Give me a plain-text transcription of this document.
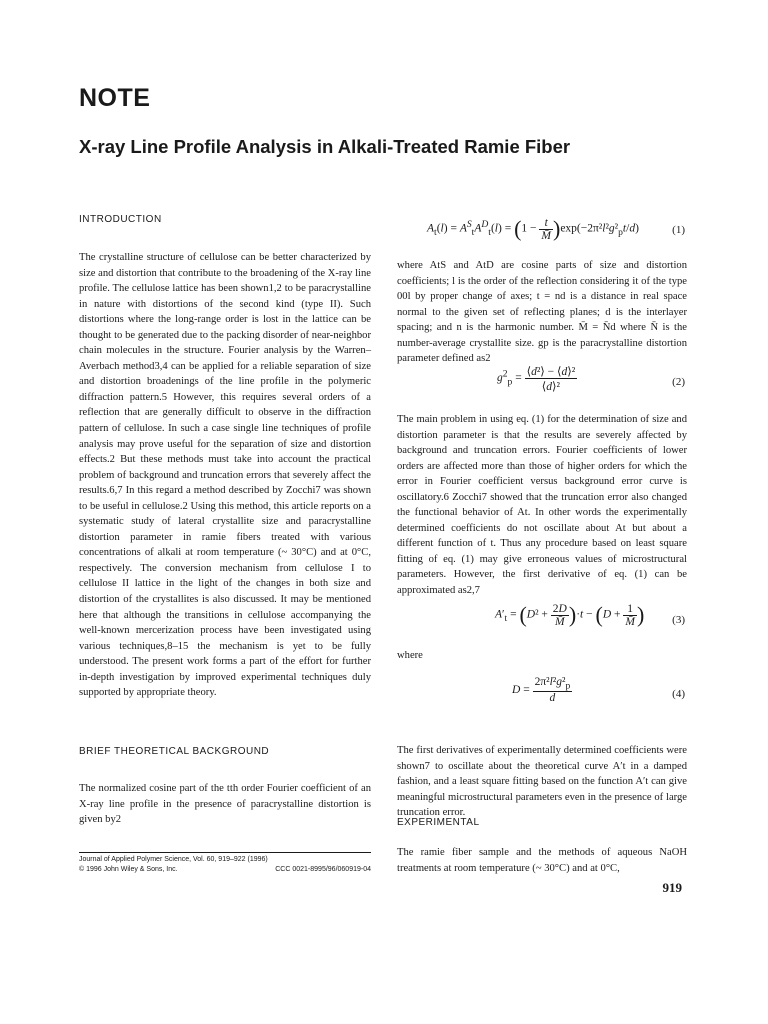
NOTE
X-ray Line Profile Analysis in Alkali-Treated Ramie Fiber
INTRODUCTION

The crystalline structure of cellulose can be better characterized by size and distortion that contribute to the broadening of the X-ray line profile. The cellulose lattice has been shown1,2 to be paracrystalline in nature with distortions of the second kind (type II). Such distortions where the long-range order is lost in the lattice can be thought to be generated due to the packing disorder of near-neighbor chain molecules in the structure. Fourier analysis by the Warren–Averbach method3,4 can be applied for a reliable separation of size and distortion broadenings of the line profile in the polymeric diffraction pattern.5 However, this requires several orders of a reflection that are generally difficult to observe in the diffraction pattern of cellulose. In such a case single line techniques of profile analysis may prove useful for the separation of size and distortion effects.2 But these methods must take into account the practical problem of background and truncation errors that severely affect the results.6,7 In this regard a method described by Zocchi7 was shown to be useful in cellulose.2 Using this method, this article reports on a systematic study of lateral crystallite size and paracrystalline distortion parameter in ramie fibers treated with various concentrations of alkali at room temperature (~ 30°C) and at 0°C, respectively. The conversion mechanism from cellulose I to cellulose II lattice in the light of the changes in both size and distortion of the crystallites is also discussed. It may be mentioned here that although the transitions in cellulose accompanying the well-known mercerization process have been investigated using various techniques,8–15 the mechanism is yet to be fully understood. The present work forms a part of the effort for further in-depth investigation by improved experimental techniques duly supported by appropriate theory.

BRIEF THEORETICAL BACKGROUND

The normalized cosine part of the tth order Fourier coefficient of an X-ray line profile in the presence of paracrystalline distortion is given by2

Journal of Applied Polymer Science, Vol. 60, 919–922 (1996)
© 1996 John Wiley & Sons, Inc.	CCC 0021-8995/96/060919-04
$A_t(l) = A^S_tA^D_t(l) = (1 - \frac{t}{M̄} )\exp(-2\pi^2l^2g^2_pt/d)$	(1)

where AtS and AtD are cosine parts of size and distortion coefficients; l is the order of the reflection considering it of the type 00l by proper change of axes; t = nd is a distance in real space normal to the given set of reflecting planes; d is the interlayer spacing; and n is the harmonic number. M̄ = N̄d where N̄ is the number-average crystallite size. gp is the paracrystalline distortion parameter defined as2

$g^2_p = \frac{\text{⟨d²⟩ − ⟨d⟩²}}{\text{⟨d⟩²}}$	(2)

The main problem in using eq. (1) for the determination of size and distortion parameter is that the results are severely affected by background and truncation errors. Fourier coefficients of lower orders are affected more than those of higher orders for which the error in Fourier coefficient versus background error curve is oscillatory.6 Zocchi7 showed that the truncation error also changed the functional behavior of At. In other words the experimentally determined coefficients do not oscillate about At but about a different function of t. Thus any procedure based on least square fitting of eq. (1) may give erroneous values of microstructural parameters. However, the first derivative of eq. (1) can be approximated as2,7

$A'_t = (D^2 + \frac{2D}{M̄} )\cdot t - (D + \frac{1}{M̄}$ )	(3)
where
$D = \frac{2\pi^2l^2g^2_p}{d}$	(4)

The first derivatives of experimentally determined coefficients were shown7 to oscillate about the theoretical curve A′t in a damped fashion, and a least square fitting based on the function A′t can give meaningful microstructural parameters even in the presence of large truncation error.

EXPERIMENTAL

The ramie fiber sample and the methods of aqueous NaOH treatments at room temperature (~ 30°C) and at 0°C,

919
